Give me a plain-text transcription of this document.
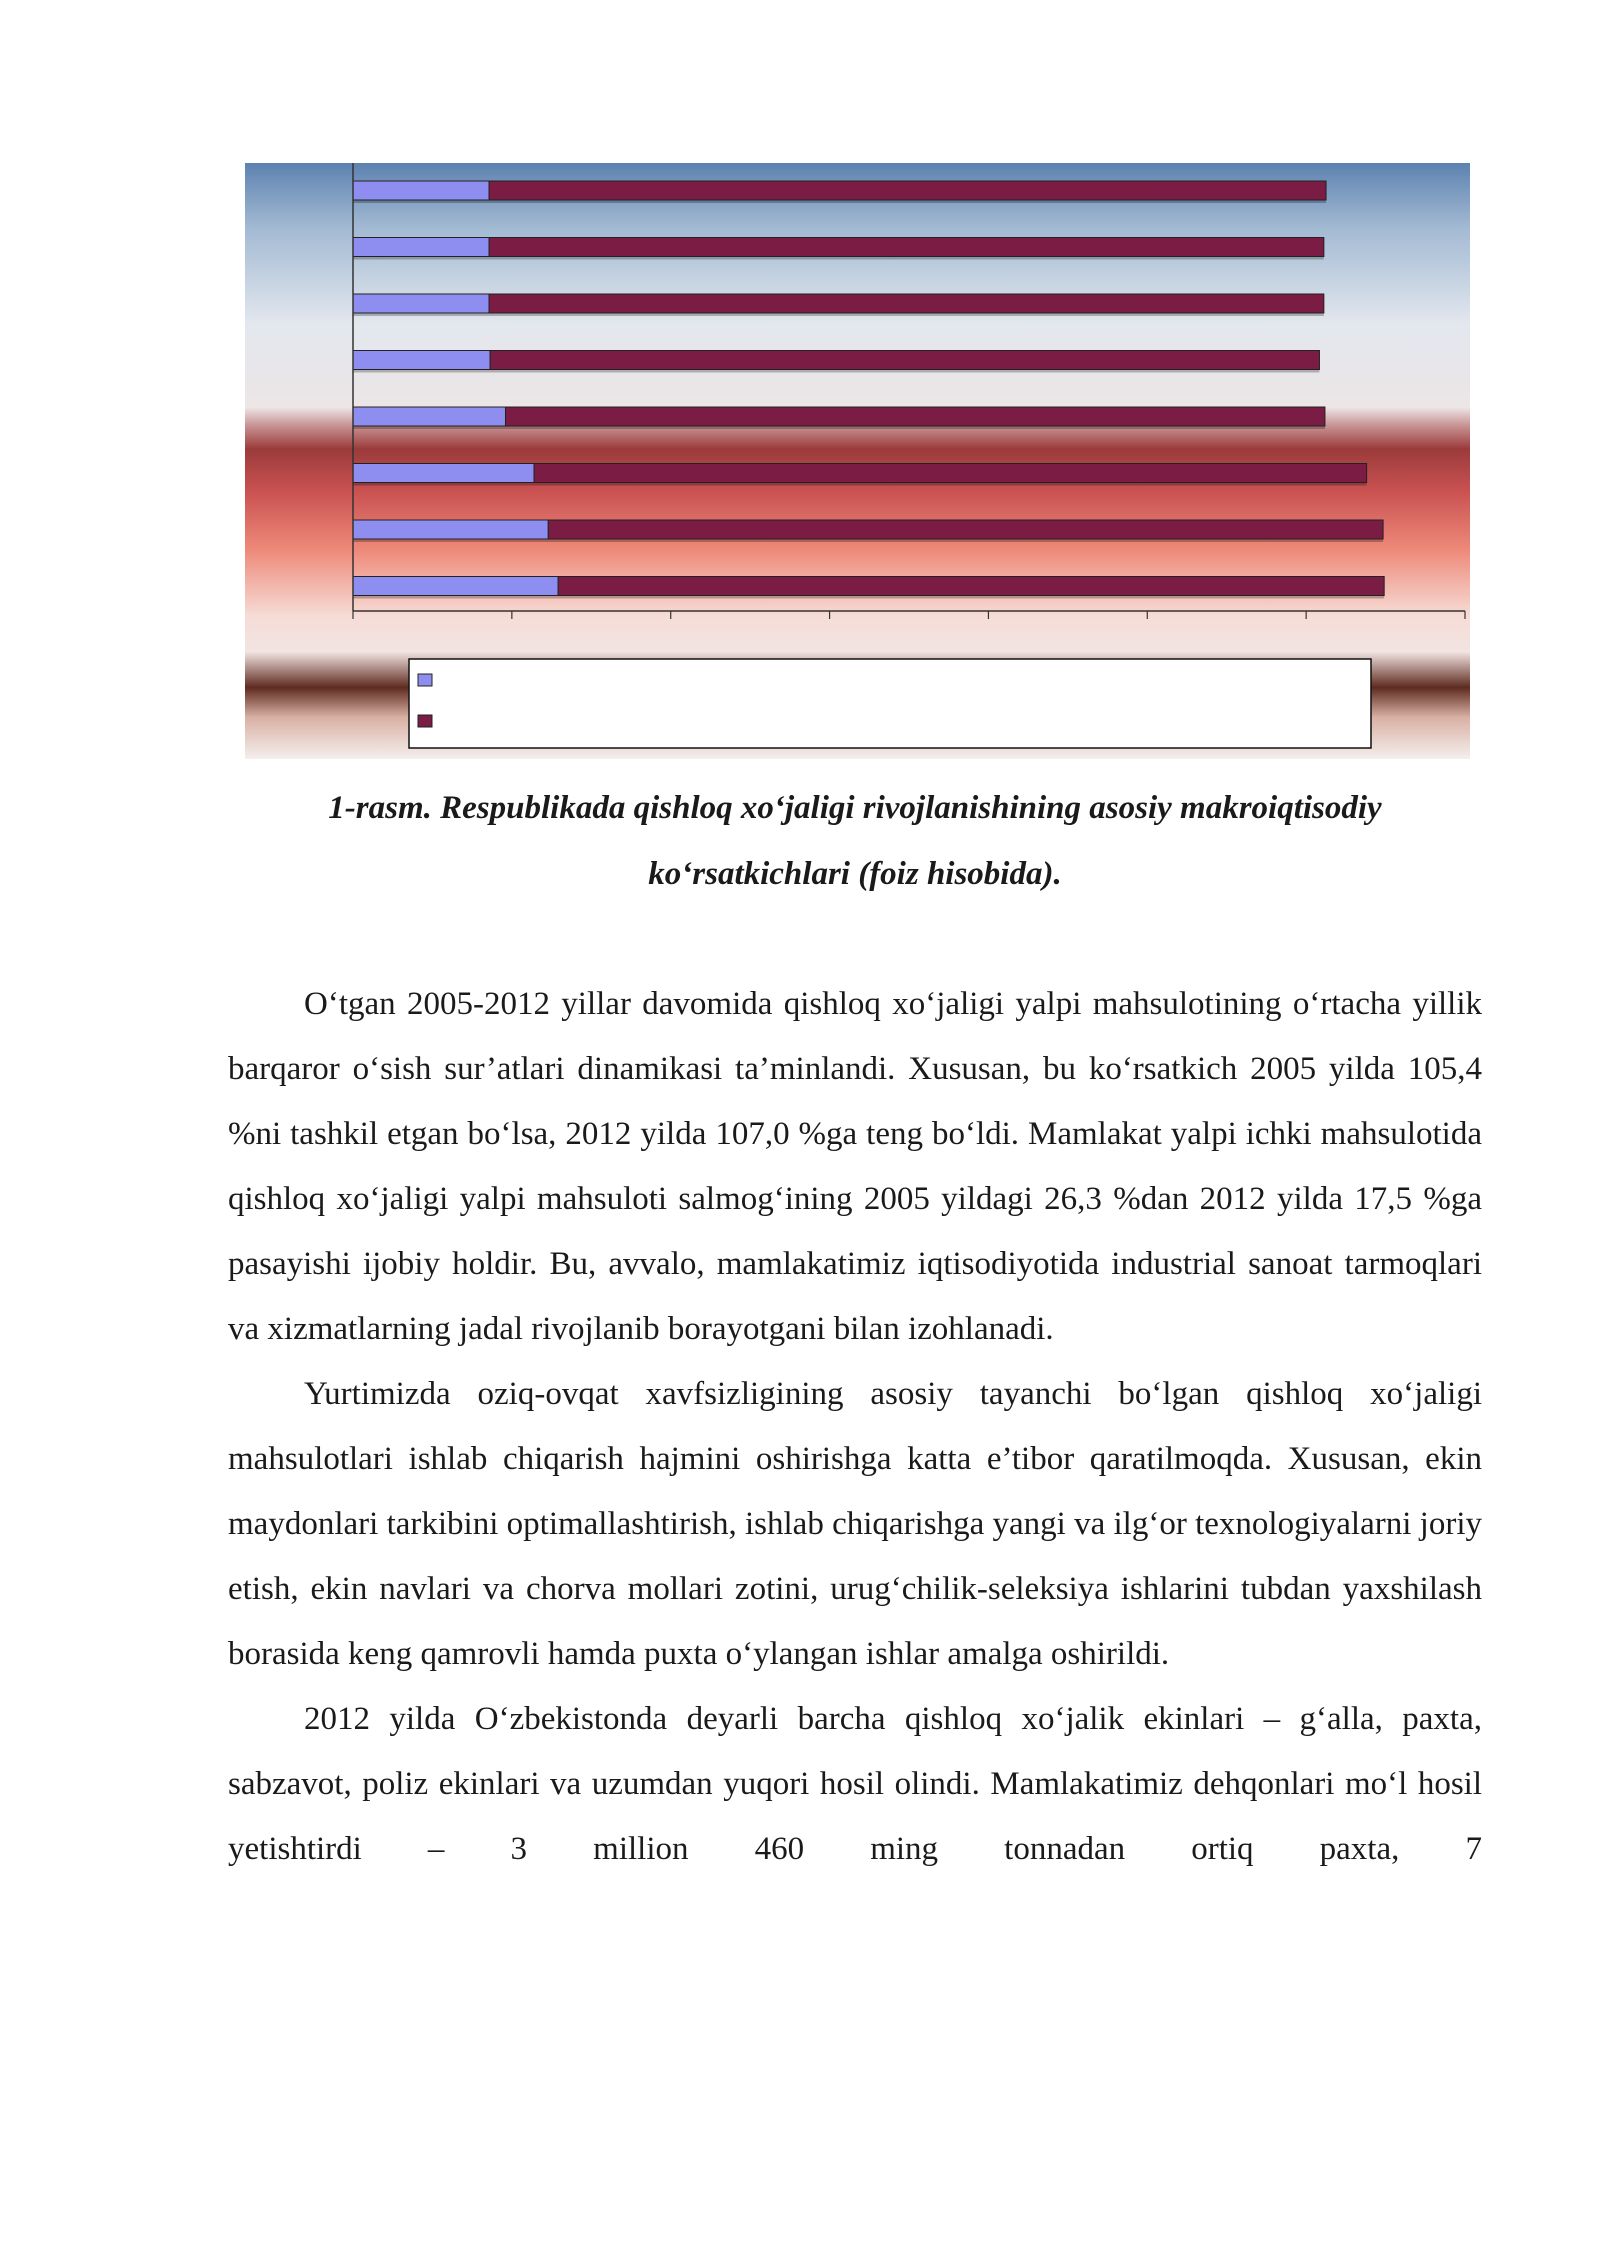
1-rasm. Respublikada qishloq xo‘jaligi rivojlanishining asosiy makroiqtisodiy
ko‘rsatkichlari (foiz hisobida).

O‘tgan 2005-2012 yillar davomida qishloq xo‘jaligi yalpi mahsulotining o‘rtacha yillik barqaror o‘sish sur’atlari dinamikasi ta’minlandi. Xususan, bu ko‘rsatkich 2005 yilda 105,4 %ni tashkil etgan bo‘lsa, 2012 yilda 107,0 %ga teng bo‘ldi. Mamlakat yalpi ichki mahsulotida qishloq xo‘jaligi yalpi mahsuloti salmog‘ining 2005 yildagi 26,3 %dan 2012 yilda 17,5 %ga pasayishi ijobiy holdir. Bu, avvalo, mamlakatimiz iqtisodiyotida industrial sanoat tarmoqlari va xizmatlarning jadal rivojlanib borayotgani bilan izohlanadi.

Yurtimizda oziq-ovqat xavfsizligining asosiy tayanchi bo‘lgan qishloq xo‘jaligi mahsulotlari ishlab chiqarish hajmini oshirishga katta e’tibor qaratilmoqda. Xususan, ekin maydonlari tarkibini optimallashtirish, ishlab chiqarishga yangi va ilg‘or texnologiyalarni joriy etish, ekin navlari va chorva mollari zotini, urug‘chilik-seleksiya ishlarini tubdan yaxshilash borasida keng qamrovli hamda puxta o‘ylangan ishlar amalga oshirildi.

2012 yilda O‘zbekistonda deyarli barcha qishloq xo‘jalik ekinlari – g‘alla, paxta, sabzavot, poliz ekinlari va uzumdan yuqori hosil olindi. Mamlakatimiz dehqonlari mo‘l hosil yetishtirdi – 3 million 460 ming tonnadan ortiq paxta, 7
